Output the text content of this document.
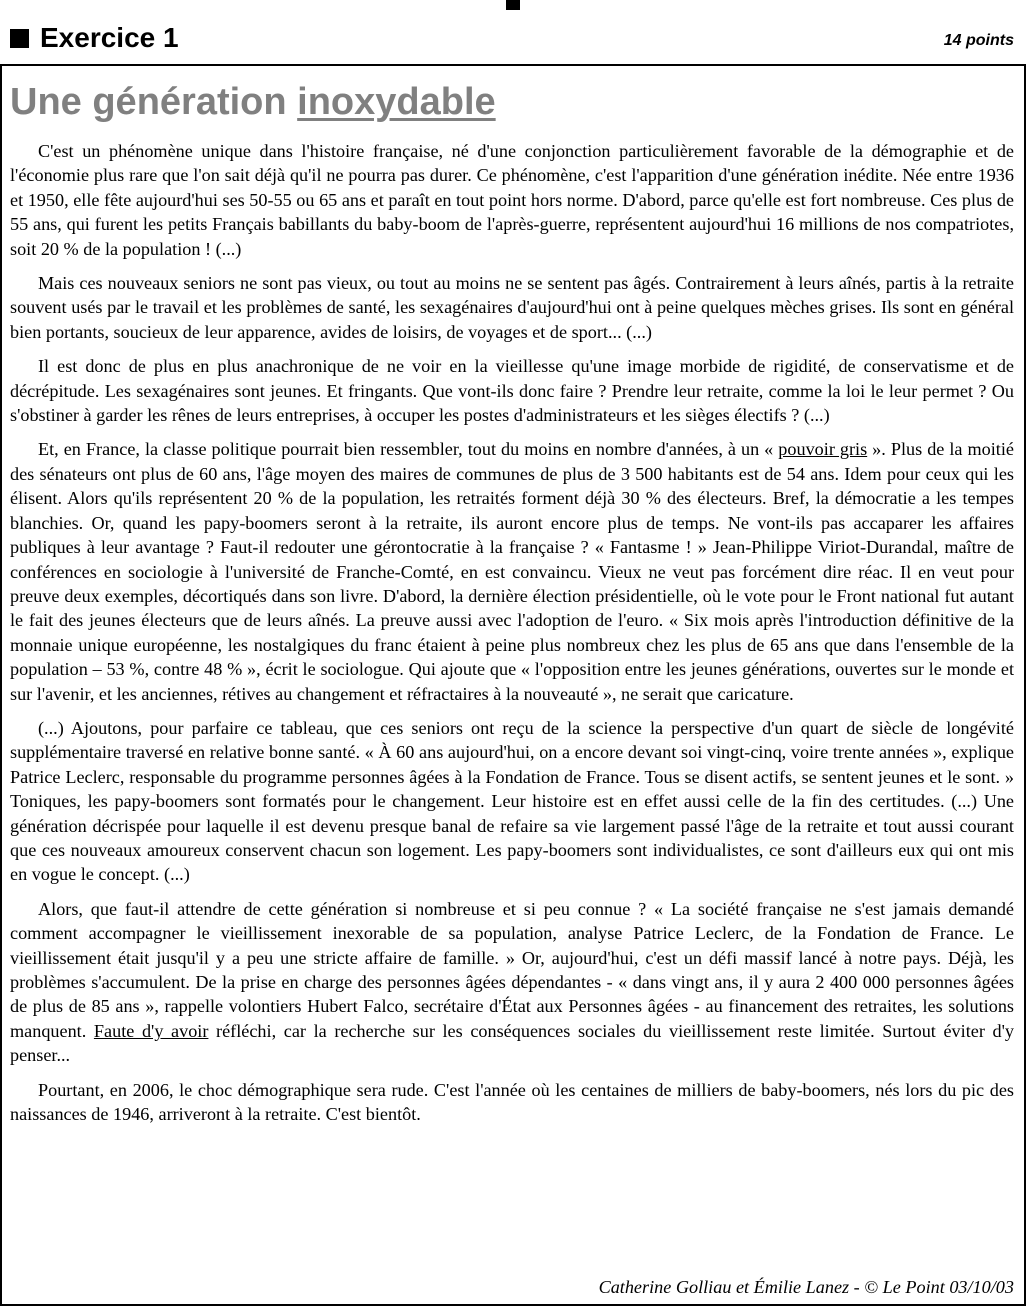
Exercice 1	14 points
Une génération inoxydable

C'est un phénomène unique dans l'histoire française, né d'une conjonction particulièrement favorable de la démographie et de l'économie plus rare que l'on sait déjà qu'il ne pourra pas durer. Ce phénomène, c'est l'apparition d'une génération inédite. Née entre 1936 et 1950, elle fête aujourd'hui ses 50-55 ou 65 ans et paraît en tout point hors norme. D'abord, parce qu'elle est fort nombreuse. Ces plus de 55 ans, qui furent les petits Français babillants du baby-boom de l'après-guerre, représentent aujourd'hui 16 millions de nos compatriotes, soit 20 % de la population ! (...)

Mais ces nouveaux seniors ne sont pas vieux, ou tout au moins ne se sentent pas âgés. Contrairement à leurs aînés, partis à la retraite souvent usés par le travail et les problèmes de santé, les sexagénaires d'aujourd'hui ont à peine quelques mèches grises. Ils sont en général bien portants, soucieux de leur apparence, avides de loisirs, de voyages et de sport... (...)

Il est donc de plus en plus anachronique de ne voir en la vieillesse qu'une image morbide de rigidité, de conservatisme et de décrépitude. Les sexagénaires sont jeunes. Et fringants. Que vont-ils donc faire ? Prendre leur retraite, comme la loi le leur permet ? Ou s'obstiner à garder les rênes de leurs entreprises, à occuper les postes d'administrateurs et les sièges électifs ? (...)

Et, en France, la classe politique pourrait bien ressembler, tout du moins en nombre d'années, à un « pouvoir gris ». Plus de la moitié des sénateurs ont plus de 60 ans, l'âge moyen des maires de communes de plus de 3 500 habitants est de 54 ans. Idem pour ceux qui les élisent. Alors qu'ils représentent 20 % de la population, les retraités forment déjà 30 % des électeurs. Bref, la démocratie a les tempes blanchies. Or, quand les papy-boomers seront à la retraite, ils auront encore plus de temps. Ne vont-ils pas accaparer les affaires publiques à leur avantage ? Faut-il redouter une gérontocratie à la française ? « Fantasme ! » Jean-Philippe Viriot-Durandal, maître de conférences en sociologie à l'université de Franche-Comté, en est convaincu. Vieux ne veut pas forcément dire réac. Il en veut pour preuve deux exemples, décortiqués dans son livre. D'abord, la dernière élection présidentielle, où le vote pour le Front national fut autant le fait des jeunes électeurs que de leurs aînés. La preuve aussi avec l'adoption de l'euro. « Six mois après l'introduction définitive de la monnaie unique européenne, les nostalgiques du franc étaient à peine plus nombreux chez les plus de 65 ans que dans l'ensemble de la population – 53 %, contre 48 % », écrit le sociologue. Qui ajoute que « l'opposition entre les jeunes générations, ouvertes sur le monde et sur l'avenir, et les anciennes, rétives au changement et réfractaires à la nouveauté », ne serait que caricature.

(...) Ajoutons, pour parfaire ce tableau, que ces seniors ont reçu de la science la perspective d'un quart de siècle de longévité supplémentaire traversé en relative bonne santé. « À 60 ans aujourd'hui, on a encore devant soi vingt-cinq, voire trente années », explique Patrice Leclerc, responsable du programme personnes âgées à la Fondation de France. Tous se disent actifs, se sentent jeunes et le sont. » Toniques, les papy-boomers sont formatés pour le changement. Leur histoire est en effet aussi celle de la fin des certitudes. (...) Une génération décrispée pour laquelle il est devenu presque banal de refaire sa vie largement passé l'âge de la retraite et tout aussi courant que ces nouveaux amoureux conservent chacun son logement. Les papy-boomers sont individualistes, ce sont d'ailleurs eux qui ont mis en vogue le concept. (...)

Alors, que faut-il attendre de cette génération si nombreuse et si peu connue ? « La société française ne s'est jamais demandé comment accompagner le vieillissement inexorable de sa population, analyse Patrice Leclerc, de la Fondation de France. Le vieillissement était jusqu'il y a peu une stricte affaire de famille. » Or, aujourd'hui, c'est un défi massif lancé à notre pays. Déjà, les problèmes s'accumulent. De la prise en charge des personnes âgées dépendantes - « dans vingt ans, il y aura 2 400 000 personnes âgées de plus de 85 ans », rappelle volontiers Hubert Falco, secrétaire d'État aux Personnes âgées - au financement des retraites, les solutions manquent. Faute d'y avoir réfléchi, car la recherche sur les conséquences sociales du vieillissement reste limitée. Surtout éviter d'y penser...

Pourtant, en 2006, le choc démographique sera rude. C'est l'année où les centaines de milliers de baby-boomers, nés lors du pic des naissances de 1946, arriveront à la retraite. C'est bientôt.

Catherine Golliau et Émilie Lanez - © Le Point 03/10/03
